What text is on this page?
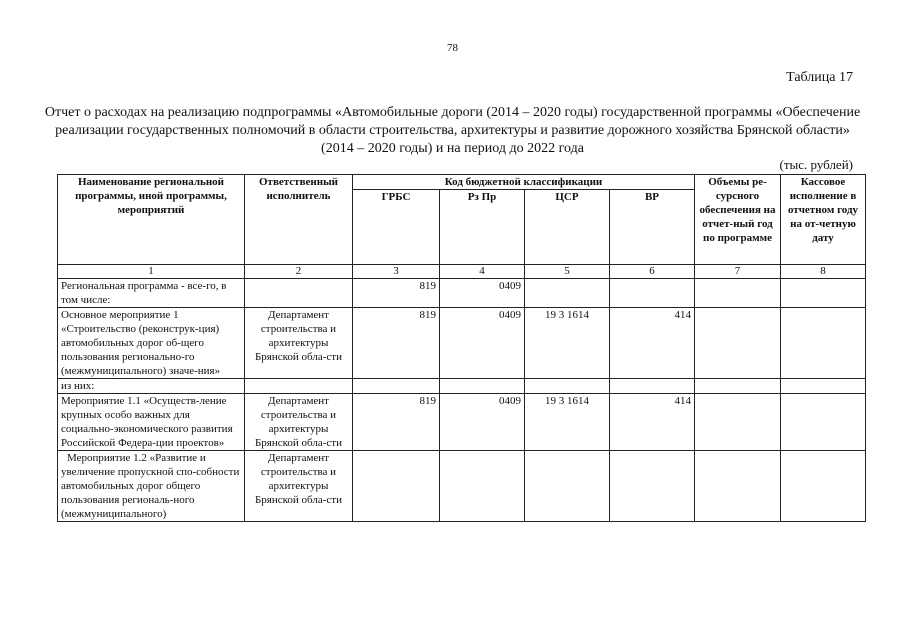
78
Таблица 17
Отчет о расходах на реализацию подпрограммы «Автомобильные дороги (2014 – 2020 годы) государственной программы «Обеспечение реализации государственных полномочий в области строительства, архитектуры и развитие дорожного хозяйства Брянской области» (2014 – 2020 годы) и на период до 2022 года
(тыс. рублей)
Наименование региональной программы, иной программы, мероприятий	Ответственный исполнитель	Код бюджетной классификации				Объемы ре-сурсного обеспечения на отчет-ный год по программе	Кассовое исполнение в отчетном году на от-четную дату
		ГРБС	Рз Пр	ЦСР	ВР		
1	2	3	4	5	6	7	8
Региональная программа - все-го, в том числе:		819	0409				
Основное мероприятие 1 «Строительство (реконструк-ция) автомобильных дорог об-щего пользования регионально-го (межмуниципального) значе-ния»	Департамент строительства и архитектуры Брянской обла-сти	819	0409	19 3 1614	414		
из них:							
Мероприятие 1.1 «Осуществ-ление крупных особо важных для социально-экономического развития Российской Федера-ции проектов»	Департамент строительства и архитектуры Брянской обла-сти	819	0409	19 3 1614	414		
Мероприятие 1.2 «Развитие и увеличение пропускной спо-собности автомобильных дорог общего пользования региональ-ного (межмуниципального)	Департамент строительства и архитектуры Брянской обла-сти						
